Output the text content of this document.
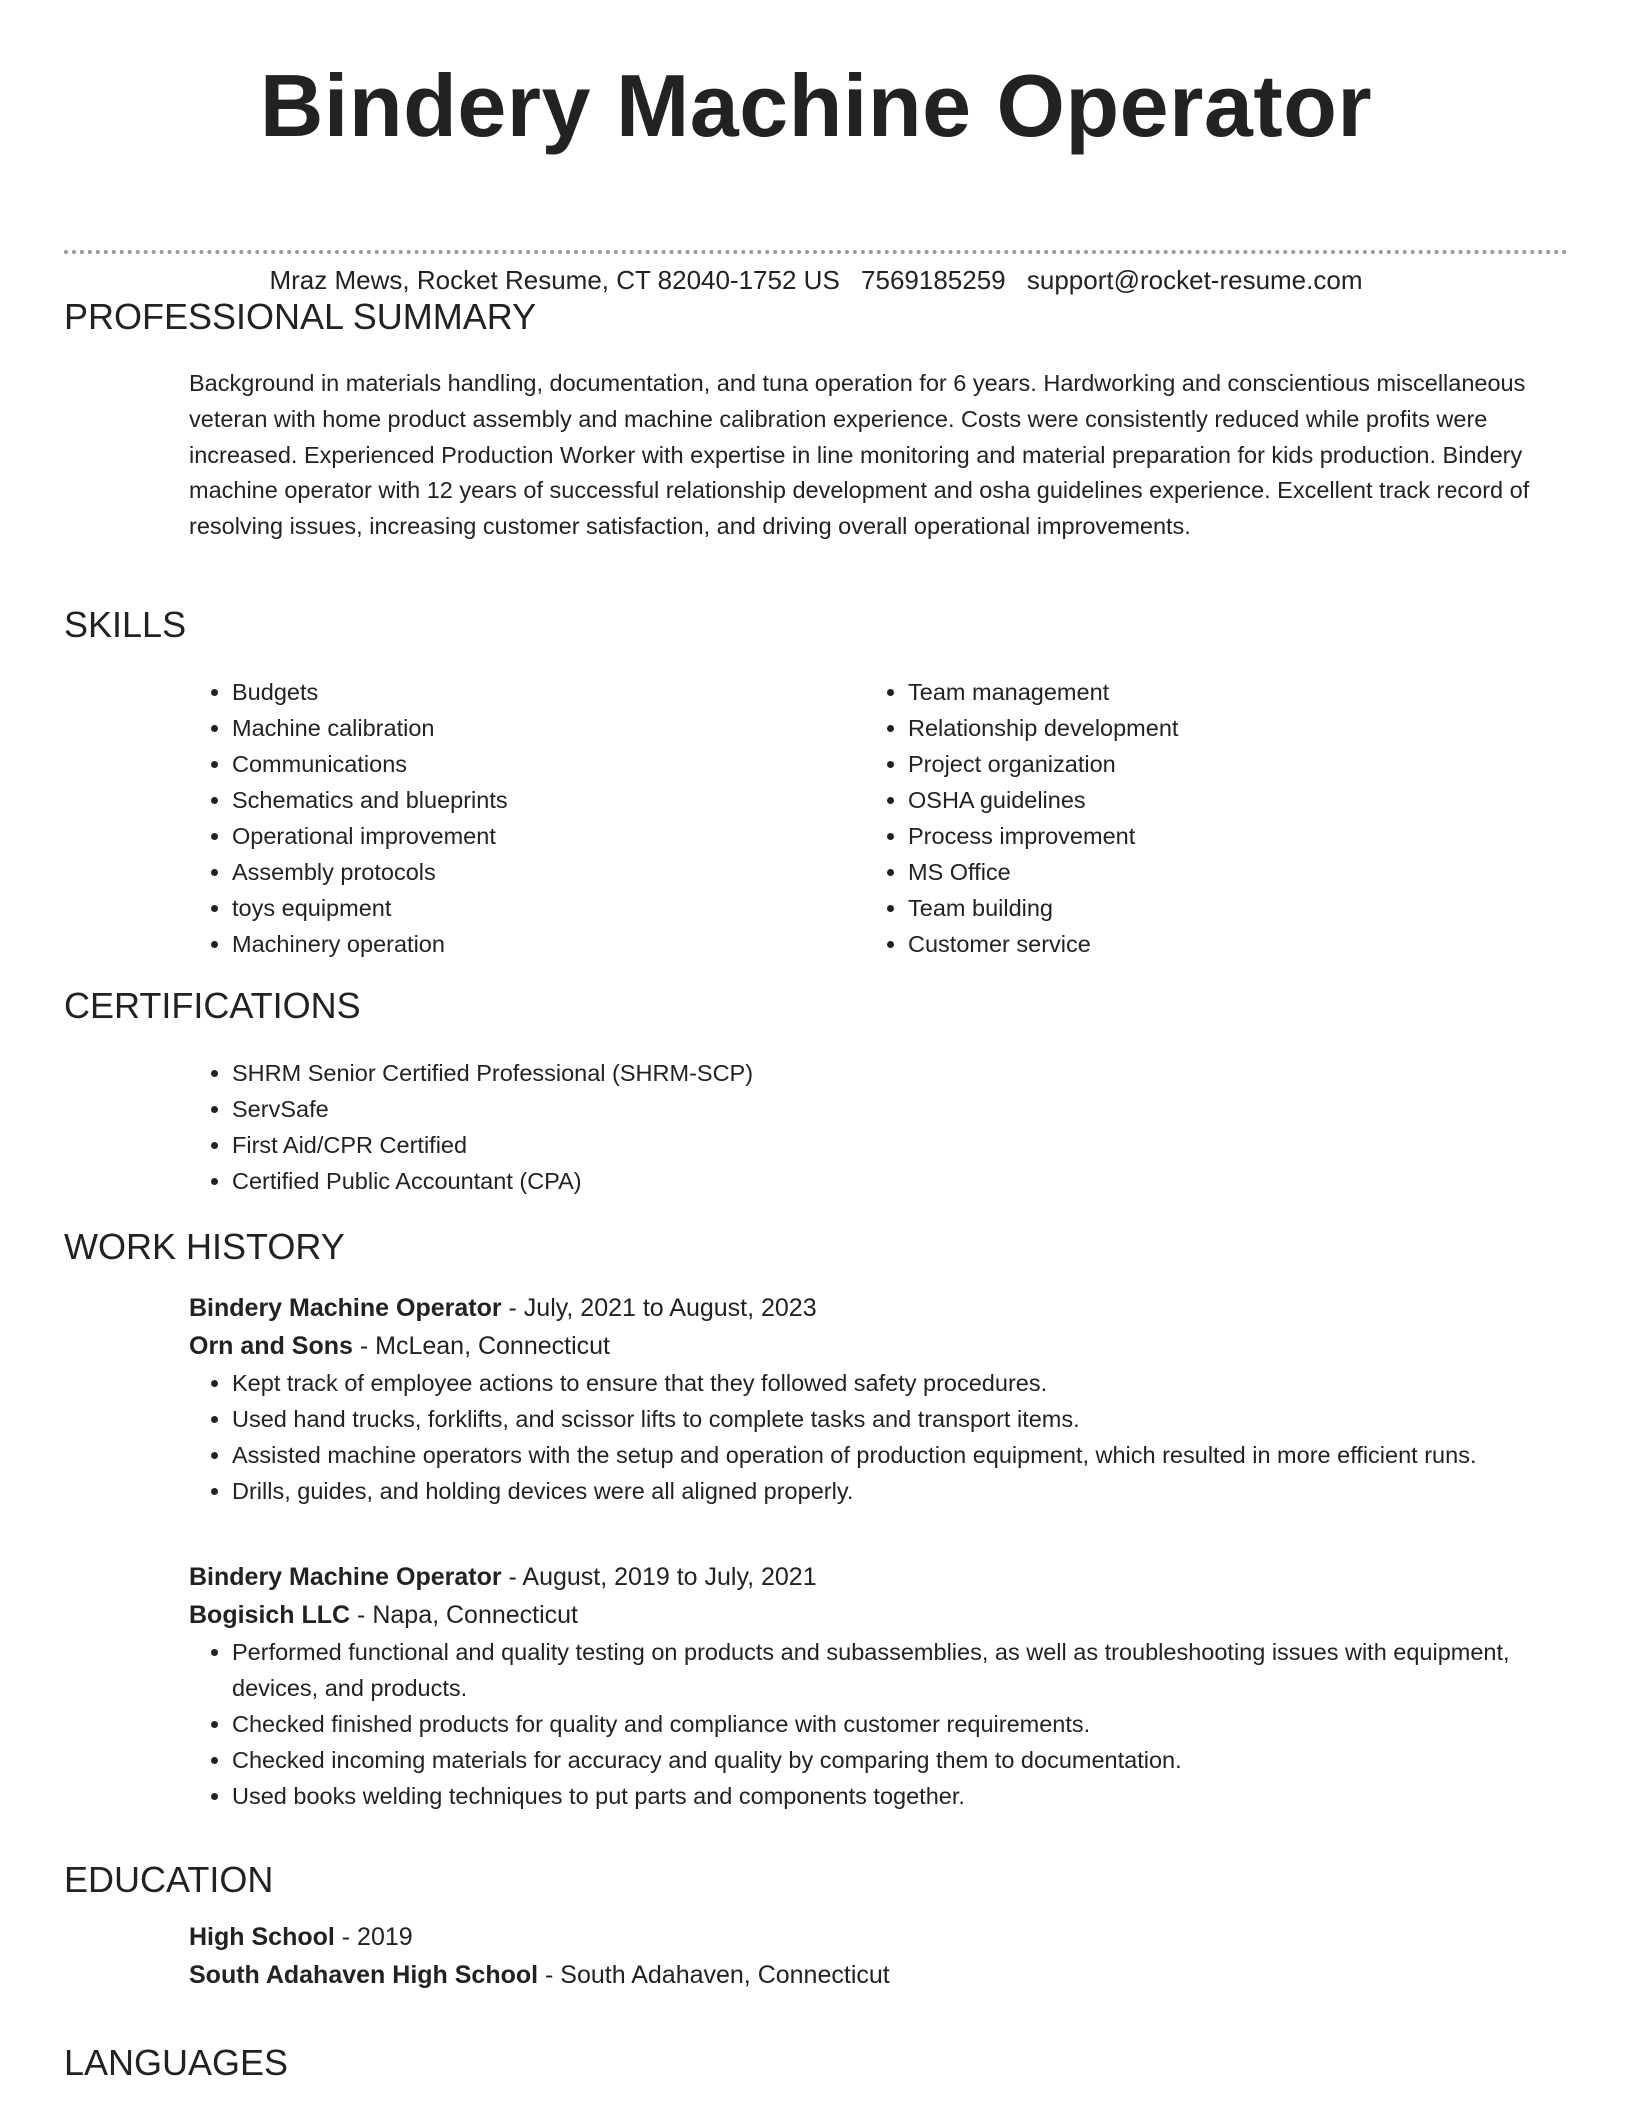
Bindery Machine Operator
Mraz Mews, Rocket Resume, CT 82040-1752 US 7569185259 support@rocket-resume.com
PROFESSIONAL SUMMARY
Background in materials handling, documentation, and tuna operation for 6 years. Hardworking and conscientious miscellaneous veteran with home product assembly and machine calibration experience. Costs were consistently reduced while profits were increased. Experienced Production Worker with expertise in line monitoring and material preparation for kids production. Bindery machine operator with 12 years of successful relationship development and osha guidelines experience. Excellent track record of resolving issues, increasing customer satisfaction, and driving overall operational improvements.
SKILLS
• Budgets
• Machine calibration
• Communications
• Schematics and blueprints
• Operational improvement
• Assembly protocols
• toys equipment
• Machinery operation
• Team management
• Relationship development
• Project organization
• OSHA guidelines
• Process improvement
• MS Office
• Team building
• Customer service
CERTIFICATIONS
• SHRM Senior Certified Professional (SHRM-SCP)
• ServSafe
• First Aid/CPR Certified
• Certified Public Accountant (CPA)
WORK HISTORY
Bindery Machine Operator - July, 2021 to August, 2023
Orn and Sons - McLean, Connecticut
• Kept track of employee actions to ensure that they followed safety procedures.
• Used hand trucks, forklifts, and scissor lifts to complete tasks and transport items.
• Assisted machine operators with the setup and operation of production equipment, which resulted in more efficient runs.
• Drills, guides, and holding devices were all aligned properly.
Bindery Machine Operator - August, 2019 to July, 2021
Bogisich LLC - Napa, Connecticut
• Performed functional and quality testing on products and subassemblies, as well as troubleshooting issues with equipment, devices, and products.
• Checked finished products for quality and compliance with customer requirements.
• Checked incoming materials for accuracy and quality by comparing them to documentation.
• Used books welding techniques to put parts and components together.
EDUCATION
High School - 2019
South Adahaven High School - South Adahaven, Connecticut
LANGUAGES
